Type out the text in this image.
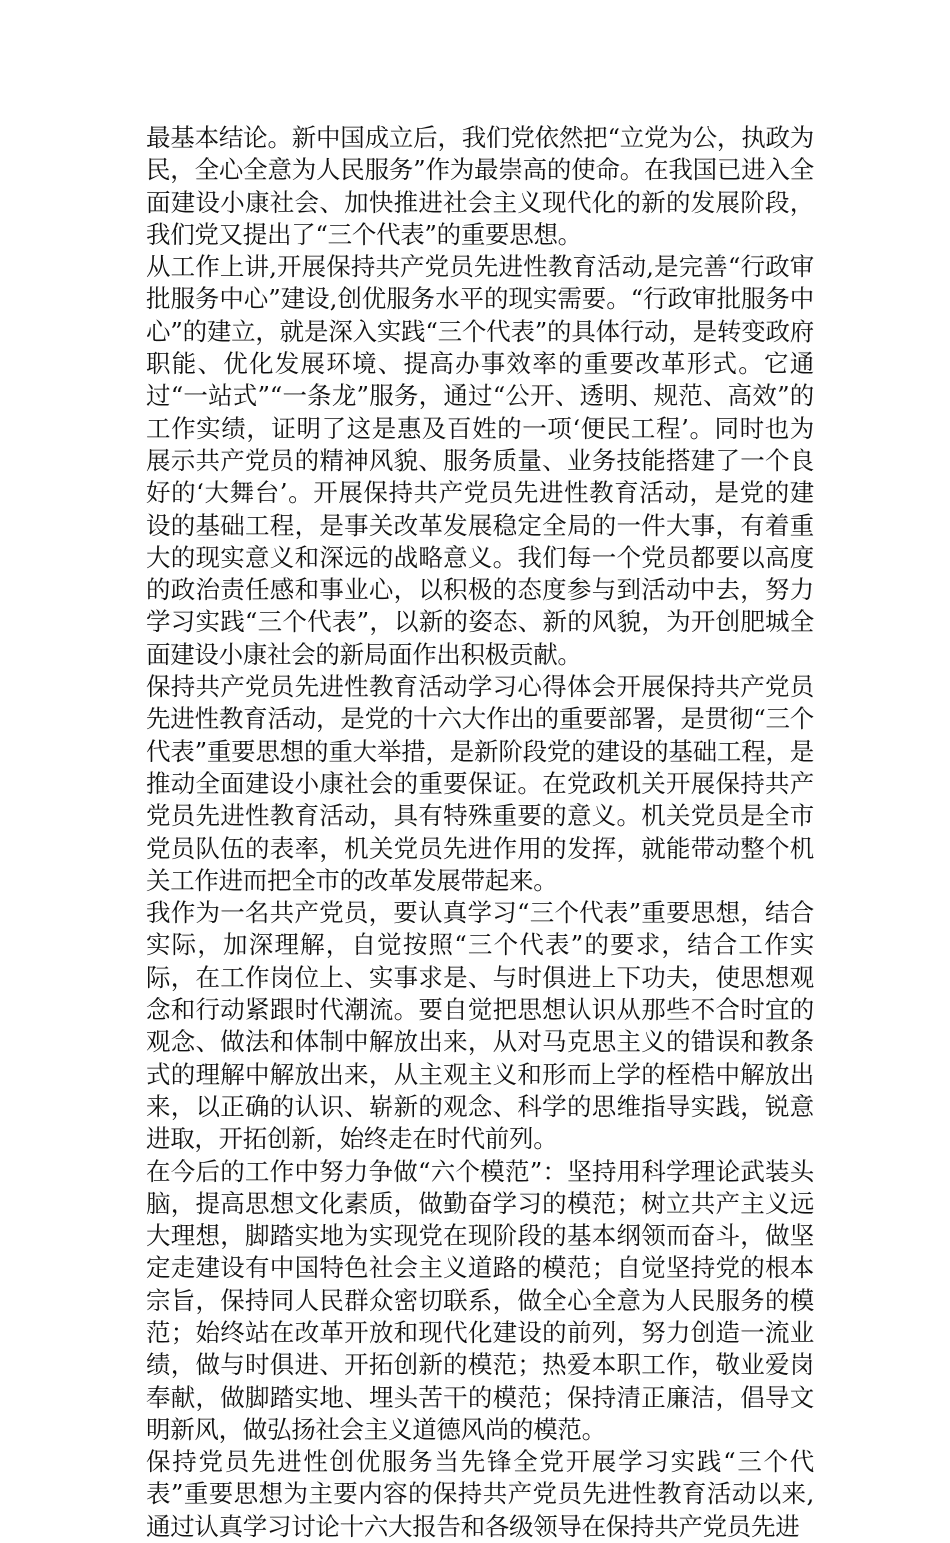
最基本结论。新中国成立后，我们党依然把“立党为公，执政为民，全心全意为人民服务”作为最崇高的使命。在我国已进入全面建设小康社会、加快推进社会主义现代化的新的发展阶段，我们党又提出了“三个代表”的重要思想。

从工作上讲,开展保持共产党员先进性教育活动,是完善“行政审批服务中心”建设,创优服务水平的现实需要。“行政审批服务中心”的建立，就是深入实践“三个代表”的具体行动，是转变政府职能、优化发展环境、提高办事效率的重要改革形式。它通过“一站式”“一条龙”服务，通过“公开、透明、规范、高效”的工作实绩，证明了这是惠及百姓的一项‘便民工程’。同时也为展示共产党员的精神风貌、服务质量、业务技能搭建了一个良好的‘大舞台’。开展保持共产党员先进性教育活动，是党的建设的基础工程，是事关改革发展稳定全局的一件大事，有着重大的现实意义和深远的战略意义。我们每一个党员都要以高度的政治责任感和事业心，以积极的态度参与到活动中去，努力学习实践“三个代表”，以新的姿态、新的风貌，为开创肥城全面建设小康社会的新局面作出积极贡献。

保持共产党员先进性教育活动学习心得体会开展保持共产党员先进性教育活动，是党的十六大作出的重要部署，是贯彻“三个代表”重要思想的重大举措，是新阶段党的建设的基础工程，是推动全面建设小康社会的重要保证。在党政机关开展保持共产党员先进性教育活动，具有特殊重要的意义。机关党员是全市党员队伍的表率，机关党员先进作用的发挥，就能带动整个机关工作进而把全市的改革发展带起来。

我作为一名共产党员，要认真学习“三个代表”重要思想，结合实际，加深理解，自觉按照“三个代表”的要求，结合工作实际，在工作岗位上、实事求是、与时俱进上下功夫，使思想观念和行动紧跟时代潮流。要自觉把思想认识从那些不合时宜的观念、做法和体制中解放出来，从对马克思主义的错误和教条式的理解中解放出来，从主观主义和形而上学的桎梏中解放出来，以正确的认识、崭新的观念、科学的思维指导实践，锐意进取，开拓创新，始终走在时代前列。

在今后的工作中努力争做“六个模范”：坚持用科学理论武装头脑，提高思想文化素质，做勤奋学习的模范；树立共产主义远大理想，脚踏实地为实现党在现阶段的基本纲领而奋斗，做坚定走建设有中国特色社会主义道路的模范；自觉坚持党的根本宗旨，保持同人民群众密切联系，做全心全意为人民服务的模范；始终站在改革开放和现代化建设的前列，努力创造一流业绩，做与时俱进、开拓创新的模范；热爱本职工作，敬业爱岗奉献，做脚踏实地、埋头苦干的模范；保持清正廉洁，倡导文明新风，做弘扬社会主义道德风尚的模范。

保持党员先进性创优服务当先锋全党开展学习实践“三个代表”重要思想为主要内容的保持共产党员先进性教育活动以来,通过认真学习讨论十六大报告和各级领导在保持共产党员先进
